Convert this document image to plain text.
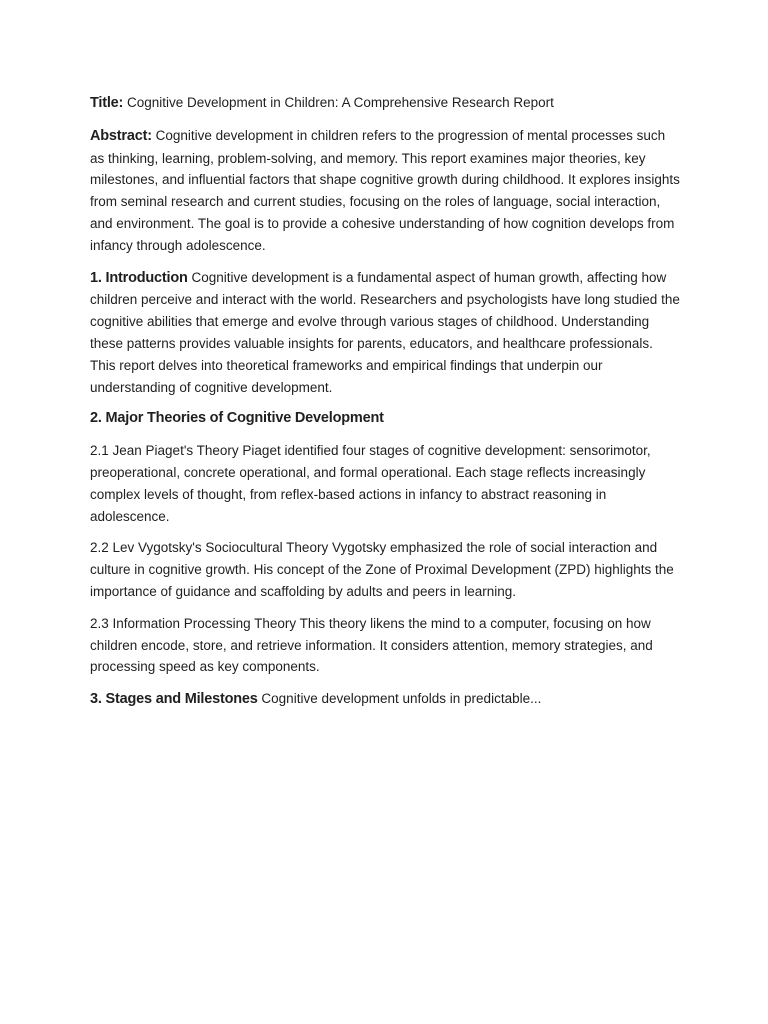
Title: Cognitive Development in Children: A Comprehensive Research Report

Abstract: Cognitive development in children refers to the progression of mental processes such as thinking, learning, problem-solving, and memory. This report examines major theories, key milestones, and influential factors that shape cognitive growth during childhood. It explores insights from seminal research and current studies, focusing on the roles of language, social interaction, and environment. The goal is to provide a cohesive understanding of how cognition develops from infancy through adolescence.

1. Introduction Cognitive development is a fundamental aspect of human growth, affecting how children perceive and interact with the world. Researchers and psychologists have long studied the cognitive abilities that emerge and evolve through various stages of childhood. Understanding these patterns provides valuable insights for parents, educators, and healthcare professionals. This report delves into theoretical frameworks and empirical findings that underpin our understanding of cognitive development.

2. Major Theories of Cognitive Development

2.1 Jean Piaget's Theory Piaget identified four stages of cognitive development: sensorimotor, preoperational, concrete operational, and formal operational. Each stage reflects increasingly complex levels of thought, from reflex-based actions in infancy to abstract reasoning in adolescence.

2.2 Lev Vygotsky's Sociocultural Theory Vygotsky emphasized the role of social interaction and culture in cognitive growth. His concept of the Zone of Proximal Development (ZPD) highlights the importance of guidance and scaffolding by adults and peers in learning.

2.3 Information Processing Theory This theory likens the mind to a computer, focusing on how children encode, store, and retrieve information. It considers attention, memory strategies, and processing speed as key components.

3. Stages and Milestones Cognitive development unfolds in predictable...
